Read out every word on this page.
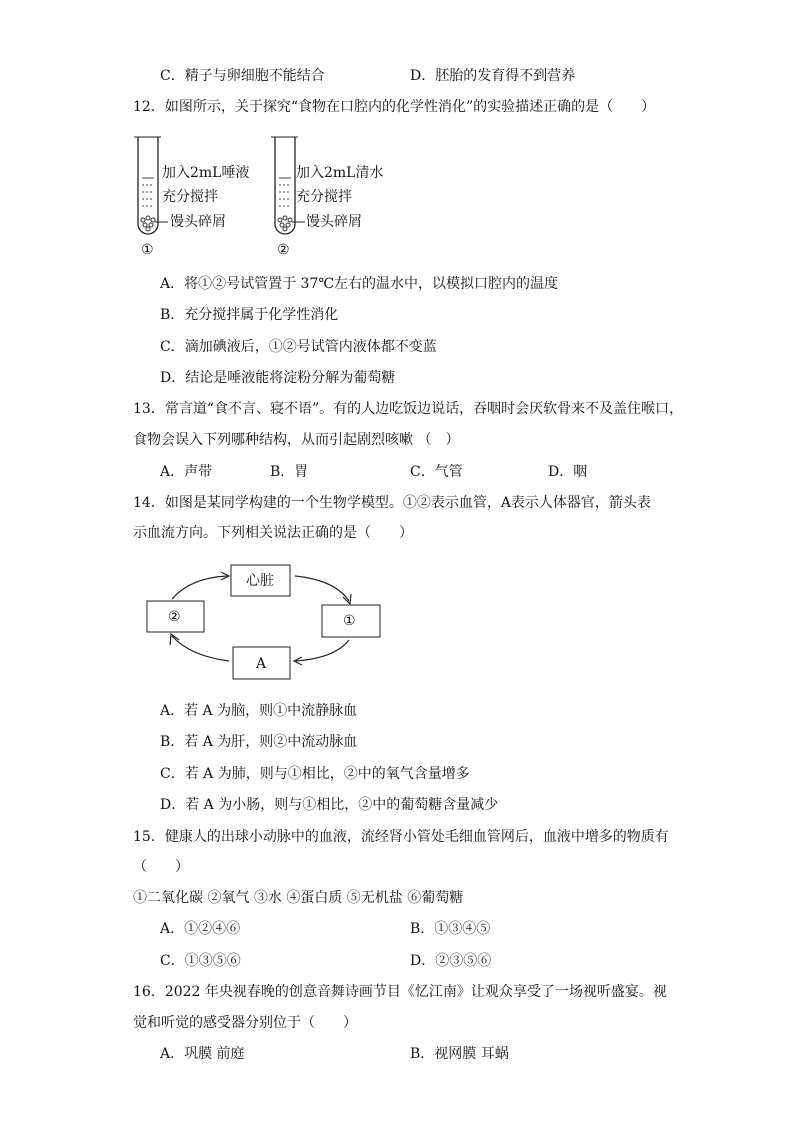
C．精子与卵细胞不能结合	D．胚胎的发育得不到营养
12．如图所示，关于探究“食物在口腔内的化学性消化”的实验描述正确的是（　　）
加入2mL唾液
充分搅拌
馒头碎屑
①
加入2mL清水
充分搅拌
馒头碎屑
②
A．将①②号试管置于 37℃左右的温水中，以模拟口腔内的温度
B．充分搅拌属于化学性消化
C．滴加碘液后，①②号试管内液体都不变蓝
D．结论是唾液能将淀粉分解为葡萄糖
13．常言道“食不言、寝不语”。有的人边吃饭边说话，吞咽时会厌软骨来不及盖住喉口，
食物会误入下列哪种结构，从而引起剧烈咳嗽 （　）
A．声带	B．胃	C．气管	D．咽
14．如图是某同学构建的一个生物学模型。①②表示血管，A表示人体器官，箭头表
示血流方向。下列相关说法正确的是（　　）
心脏
②	①
A
A．若 A 为脑，则①中流静脉血
B．若 A 为肝，则②中流动脉血
C．若 A 为肺，则与①相比，②中的氧气含量增多
D．若 A 为小肠，则与①相比，②中的葡萄糖含量减少
15．健康人的出球小动脉中的血液，流经肾小管处毛细血管网后，血液中增多的物质有
（　　）
①二氧化碳 ②氧气 ③水 ④蛋白质 ⑤无机盐 ⑥葡萄糖
A．①②④⑥	B．①③④⑤
C．①③⑤⑥	D．②③⑤⑥
16．2022 年央视春晚的创意音舞诗画节目《忆江南》让观众享受了一场视听盛宴。视
觉和听觉的感受器分别位于（　　）
A．巩膜 前庭	B．视网膜 耳蜗
